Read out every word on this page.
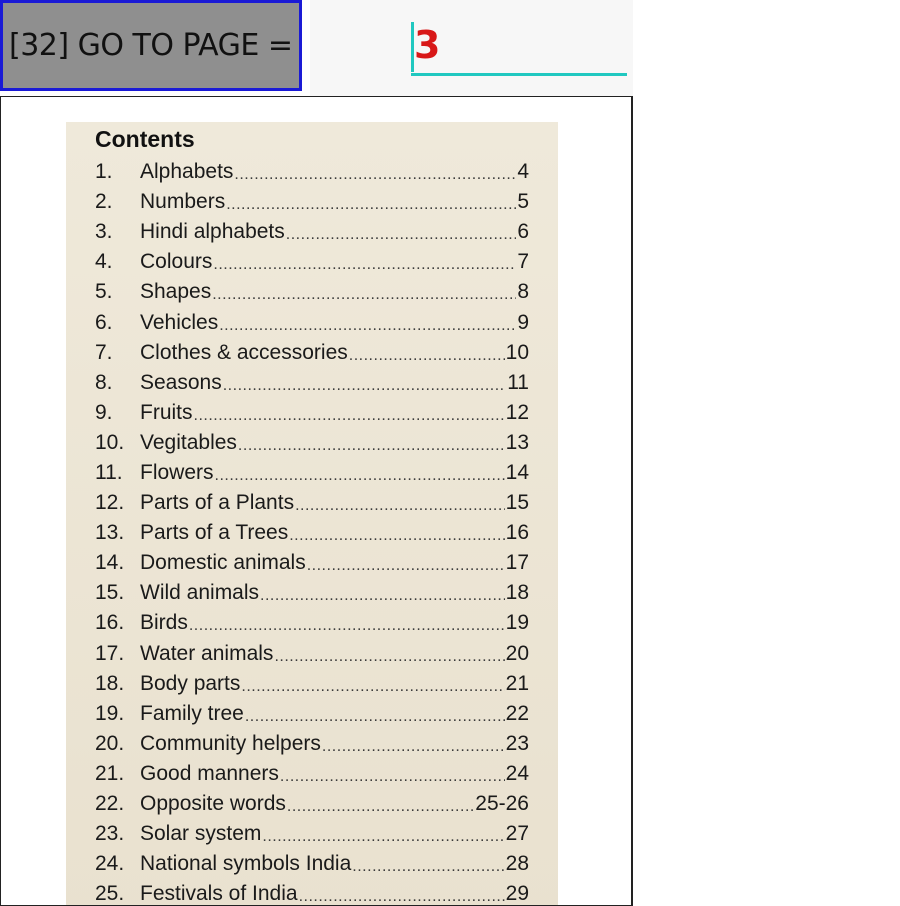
[32] GO TO PAGE =	3
Contents
1.	Alphabets .....	4
2.	Numbers .....	5
3.	Hindi alphabets .....	6
4.	Colours .....	7
5.	Shapes .....	8
6.	Vehicles .....	9
7.	Clothes & accessories .....	10
8.	Seasons .....	11
9.	Fruits .....	12
10. Vegitables .....	13
11. Flowers .....	14
12. Parts of a Plants .....	15
13. Parts of a Trees .....	16
14. Domestic animals .....	17
15. Wild animals .....	18
16. Birds .....	19
17. Water animals .....	20
18. Body parts .....	21
19. Family tree .....	22
20. Community helpers .....	23
21. Good manners .....	24
22. Opposite words .....	25-26
23. Solar system .....	27
24. National symbols India .....	28
25. Festivals of India .....	29
